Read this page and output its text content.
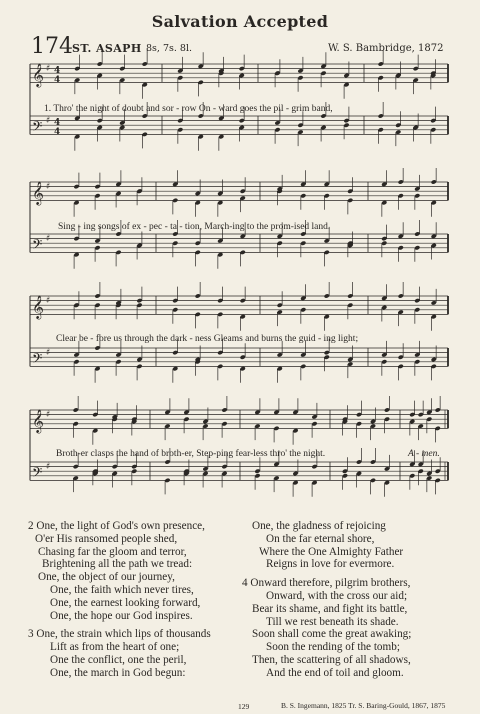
Salvation Accepted
174 ST. ASAPH 8s, 7s. 8l.	W. S. Bambridge, 1872
𝄞 ♯ 4
4
𝄢 ♯ 4
4
𝄞 ♯
𝄢 ♯
𝄞 ♯
𝄢 ♯
𝄞 ♯
𝄢 ♯
1. Thro' the night of doubt and sor - row On - ward goes the pil - grim band,
Sing - ing songs of ex - pec - ta - tion, March-ing to the prom-ised land.
Clear be - fore us through the dark - ness Gleams and burns the guid - ing light;
Broth-er clasps the hand of broth-er, Step-ping fear-less thro' the night.	A - men.
2 One, the light of God's own presence,
O'er His ransomed people shed,
Chasing far the gloom and terror,
Brightening all the path we tread:
One, the object of our journey,
One, the faith which never tires,
One, the earnest looking forward,
One, the hope our God inspires.
3 One, the strain which lips of thousands
Lift as from the heart of one;
One the conflict, one the peril,
One, the march in God begun:
One, the gladness of rejoicing
On the far eternal shore,
Where the One Almighty Father
Reigns in love for evermore.
4 Onward therefore, pilgrim brothers,
Onward, with the cross our aid;
Bear its shame, and fight its battle,
Till we rest beneath its shade.
Soon shall come the great awaking;
Soon the rending of the tomb;
Then, the scattering of all shadows,
And the end of toil and gloom.
129	B. S. Ingemann, 1825 Tr. S. Baring-Gould, 1867, 1875
